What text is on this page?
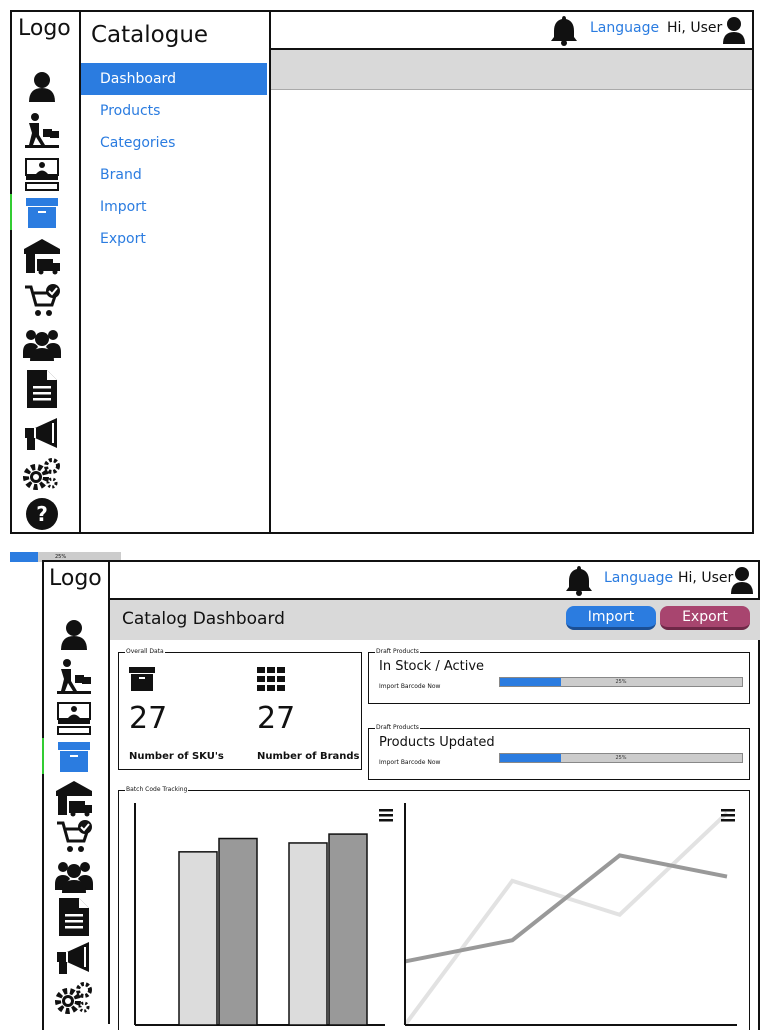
Logo
?
Catalogue
Dashboard
Products
Categories
Brand
Import
Export
Language Hi, User
25%
Logo	Language Hi, User
Catalog Dashboard	Import	Export
Overall Data
27	27
Number of SKU's	Number of Brands
Draft Products
In Stock / Active
Import Barcode Now
25%
Draft Products
Products Updated
Import Barcode Now
25%
Batch Code Tracking
